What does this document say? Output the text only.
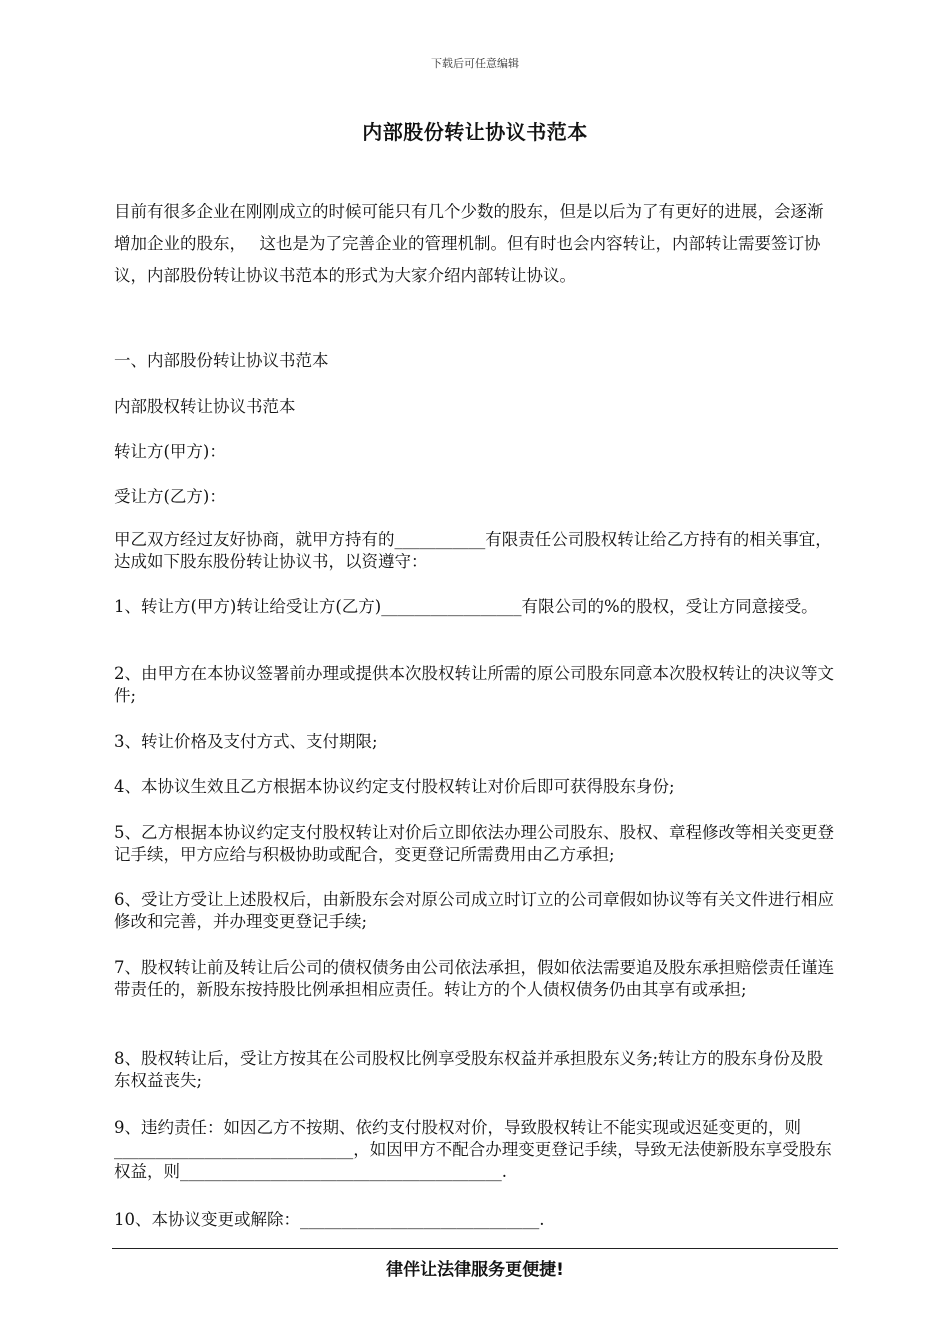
下载后可任意编辑
内部股份转让协议书范本
目前有很多企业在刚刚成立的时候可能只有几个少数的股东，但是以后为了有更好的进展，会逐渐增加企业的股东，　 这也是为了完善企业的管理机制。但有时也会内容转让，内部转让需要签订协议，内部股份转让协议书范本的形式为大家介绍内部转让协议。
一、内部股份转让协议书范本
内部股权转让协议书范本
转让方(甲方)：
受让方(乙方)：
甲乙双方经过友好协商，就甲方持有的___________有限责任公司股权转让给乙方持有的相关事宜，达成如下股东股份转让协议书，以资遵守：
1、转让方(甲方)转让给受让方(乙方)_________________有限公司的%的股权，受让方同意接受。
2、由甲方在本协议签署前办理或提供本次股权转让所需的原公司股东同意本次股权转让的决议等文件;
3、转让价格及支付方式、支付期限;
4、本协议生效且乙方根据本协议约定支付股权转让对价后即可获得股东身份;
5、乙方根据本协议约定支付股权转让对价后立即依法办理公司股东、股权、章程修改等相关变更登记手续，甲方应给与积极协助或配合，变更登记所需费用由乙方承担;
6、受让方受让上述股权后，由新股东会对原公司成立时订立的公司章假如协议等有关文件进行相应修改和完善，并办理变更登记手续;
7、股权转让前及转让后公司的债权债务由公司依法承担，假如依法需要追及股东承担赔偿责任谨连带责任的，新股东按持股比例承担相应责任。转让方的个人债权债务仍由其享有或承担;
8、股权转让后，受让方按其在公司股权比例享受股东权益并承担股东义务;转让方的股东身份及股东权益丧失;
9、违约责任：如因乙方不按期、依约支付股权对价，导致股权转让不能实现或迟延变更的，则_____________________________，如因甲方不配合办理变更登记手续，导致无法使新股东享受股东权益，则_______________________________________.
10、本协议变更或解除：_____________________________.
律伴让法律服务更便捷!
